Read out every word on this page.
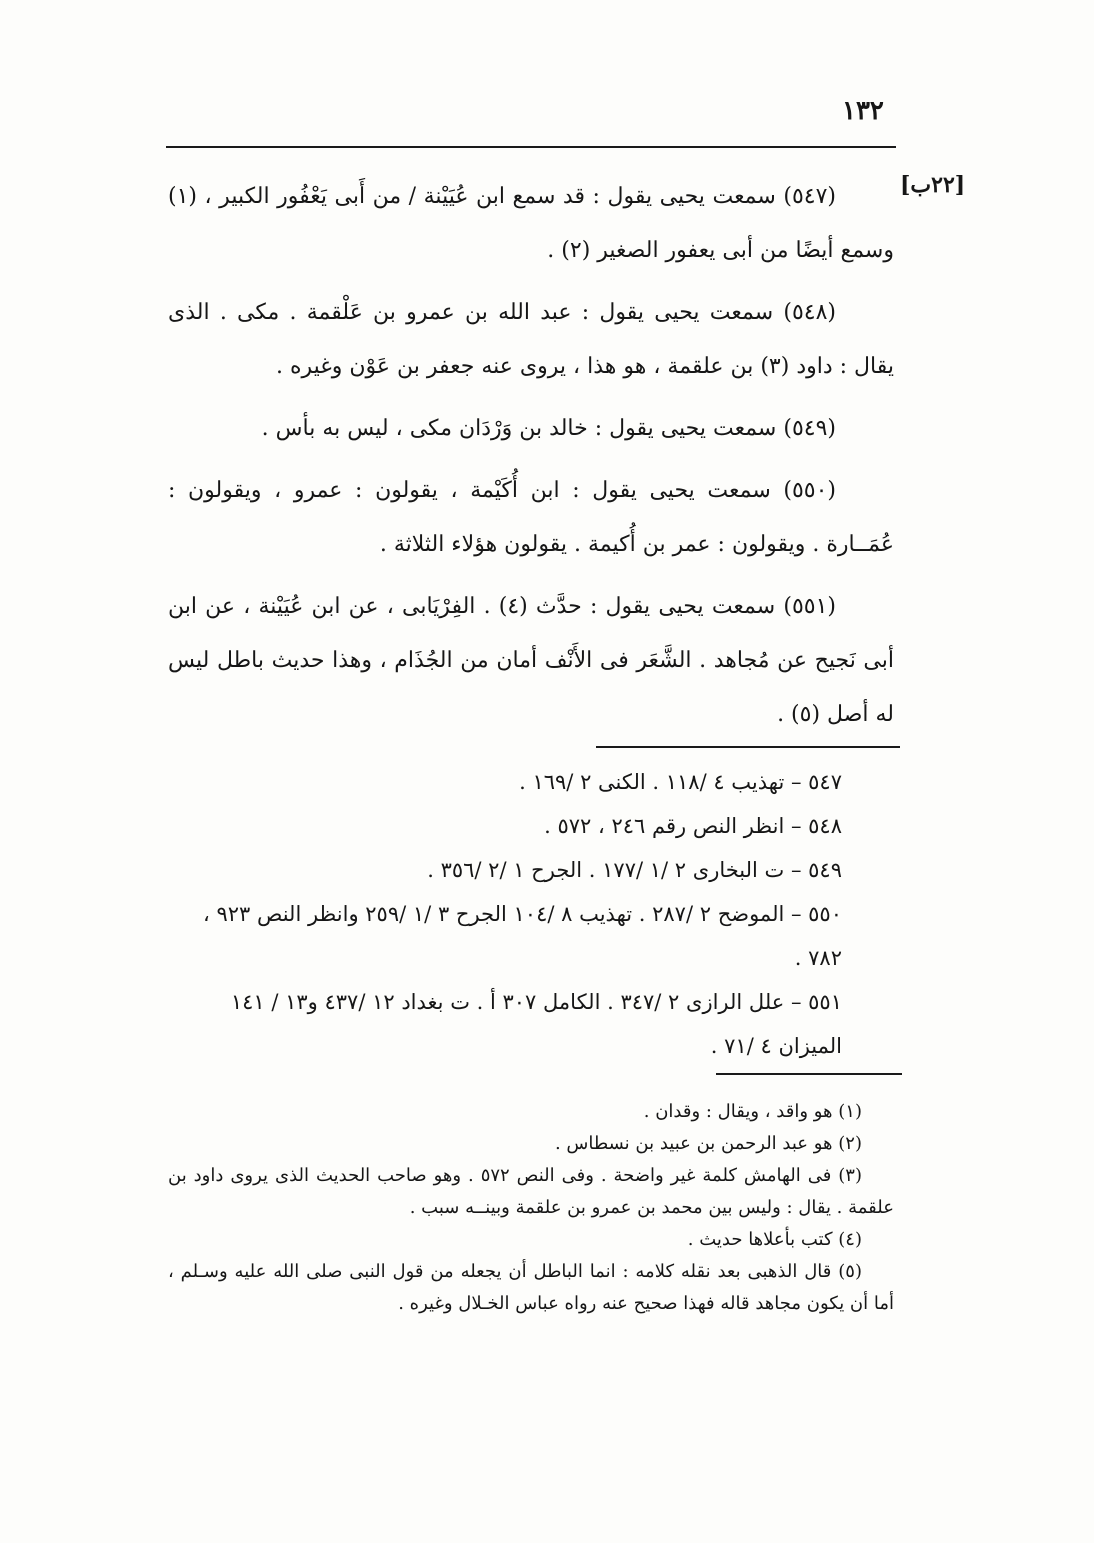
١٣٢
[٢٢ب]

(٥٤٧) سمعت يحيى يقول : قد سمع ابن عُيَيْنة / من أَبى يَعْفُور الكبير ، (١) وسمع أيضًا من أبى يعفور الصغير (٢) .

(٥٤٨) سمعت يحيى يقول : عبد الله بن عمرو بن عَلْقمة . مكى . الذى يقال : داود (٣) بن علقمة ، هو هذا ، يروى عنه جعفر بن عَوْن وغيره .

(٥٤٩) سمعت يحيى يقول : خالد بن وَرْدَان مكى ، ليس به بأس .

(٥٥٠) سمعت يحيى يقول : ابن أُكَيْمة ، يقولون : عمرو ، ويقولون : عُمَــارة . ويقولون : عمر بن أُكيمة . يقولون هؤلاء الثلاثة .

(٥٥١) سمعت يحيى يقول : حدَّث (٤) . الفِرْيَابى ، عن ابن عُيَيْنة ، عن ابن أبى نَجيح عن مُجاهد . الشَّعَر فى الأَنْف أمان من الجُذَام ، وهذا حديث باطل ليس له أصل (٥) .

٥٤٧ – تهذيب ٤ /١١٨ . الكنى ٢ /١٦٩ .

٥٤٨ – انظر النص رقم ٢٤٦ ، ٥٧٢ .

٥٤٩ – ت البخارى ٢ /١ /١٧٧ . الجرح ١ /٢ /٣٥٦ .

٥٥٠ – الموضح ٢ /٢٨٧ . تهذيب ٨ /١٠٤ الجرح ٣ /١ /٢٥٩ وانظر النص ٩٢٣ ، ٧٨٢ .

٥٥١ – علل الرازى ٢ /٣٤٧ . الكامل ٣٠٧ أ . ت بغداد ١٢ /٤٣٧ و١٣ / ١٤١ الميزان ٤ /٧١ .

(١) هو واقد ، ويقال : وقدان .

(٢) هو عبد الرحمن بن عبيد بن نسطاس .

(٣) فى الهامش كلمة غير واضحة . وفى النص ٥٧٢ . وهو صاحب الحديث الذى يروى داود بن علقمة . يقال : وليس بين محمد بن عمرو بن علقمة وبينــه سبب .

(٤) كتب بأعلاها حديث .

(٥) قال الذهبى بعد نقله كلامه : انما الباطل أن يجعله من قول النبى صلى الله عليه وسـلم ، أما أن يكون مجاهد قاله فهذا صحيح عنه رواه عباس الخـلال وغيره .
